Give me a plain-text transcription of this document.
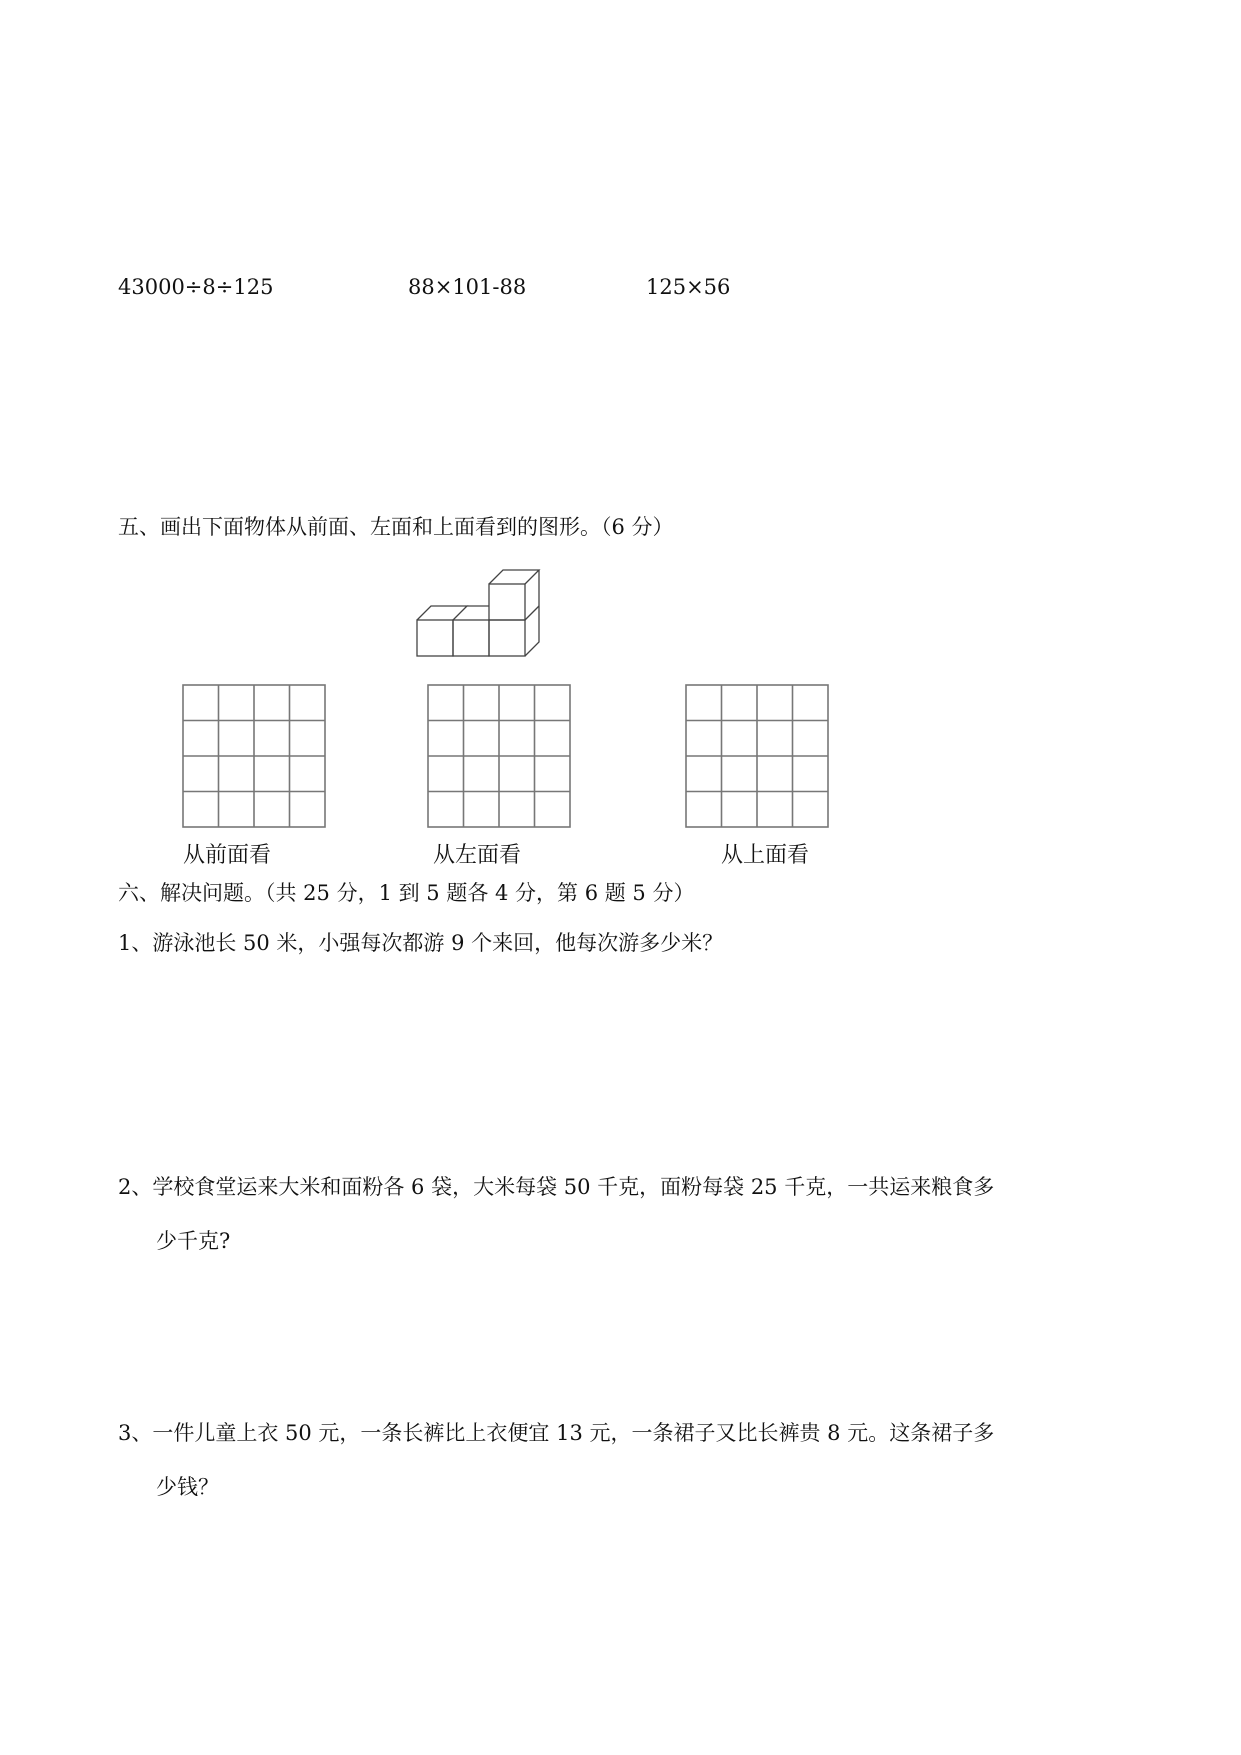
43000÷8÷125	88×101-88	125×56
五、画出下面物体从前面、左面和上面看到的图形。（6 分）
从前面看	从左面看	从上面看
六、解决问题。（共 25 分，1 到 5 题各 4 分，第 6 题 5 分）
1、游泳池长 50 米，小强每次都游 9 个来回，他每次游多少米？
2、学校食堂运来大米和面粉各 6 袋，大米每袋 50 千克，面粉每袋 25 千克，一共运来粮食多
少千克?
3、一件儿童上衣 50 元，一条长裤比上衣便宜 13 元，一条裙子又比长裤贵 8 元。这条裙子多
少钱？
